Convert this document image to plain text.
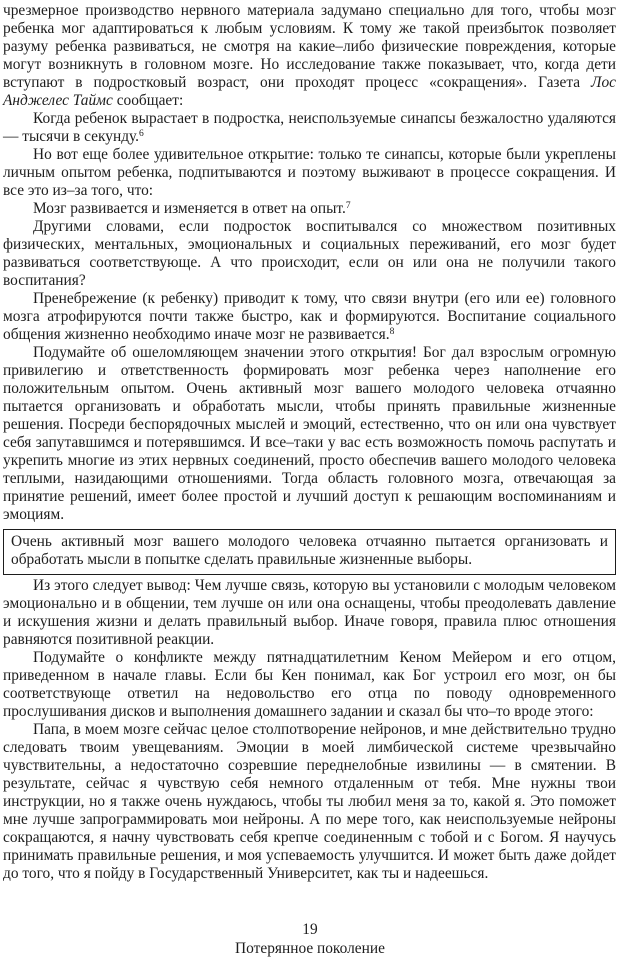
чрезмерное производство нервного материала задумано специально для того, чтобы мозг ребенка мог адаптироваться к любым условиям. К тому же такой преизбыток позволяет разуму ребенка развиваться, не смотря на какие–либо физические повреждения, которые могут возникнуть в головном мозге. Но исследование также показывает, что, когда дети вступают в подростковый возраст, они проходят процесс «сокращения». Газета Лос Анджелес Таймс сообщает:

Когда ребенок вырастает в подростка, неиспользуемые синапсы безжалостно удаляются — тысячи в секунду.$^6$

Но вот еще более удивительное открытие: только те синапсы, которые были укреплены личным опытом ребенка, подпитываются и поэтому выживают в процессе сокращения. И все это из–за того, что:

Мозг развивается и изменяется в ответ на опыт.$^7$

Другими словами, если подросток воспитывался со множеством позитивных физических, ментальных, эмоциональных и социальных переживаний, его мозг будет развиваться соответствующе. А что происходит, если он или она не получили такого воспитания?

Пренебрежение (к ребенку) приводит к тому, что связи внутри (его или ее) головного мозга атрофируются почти также быстро, как и формируются. Воспитание социального общения жизненно необходимо иначе мозг не развивается.$^8$

Подумайте об ошеломляющем значении этого открытия! Бог дал взрослым огромную привилегию и ответственность формировать мозг ребенка через наполнение его положительным опытом. Очень активный мозг вашего молодого человека отчаянно пытается организовать и обработать мысли, чтобы принять правильные жизненные решения. Посреди беспорядочных мыслей и эмоций, естественно, что он или она чувствует себя запутавшимся и потерявшимся. И все–таки у вас есть возможность помочь распутать и укрепить многие из этих нервных соединений, просто обеспечив вашего молодого человека теплыми, назидающими отношениями. Тогда область головного мозга, отвечающая за принятие решений, имеет более простой и лучший доступ к решающим воспоминаниям и эмоциям.

Очень активный мозг вашего молодого человека отчаянно пытается организовать и обработать мысли в попытке сделать правильные жизненные выборы.

Из этого следует вывод: Чем лучше связь, которую вы установили с молодым человеком эмоционально и в общении, тем лучше он или она оснащены, чтобы преодолевать давление и искушения жизни и делать правильный выбор. Иначе говоря, правила плюс отношения равняются позитивной реакции.

Подумайте о конфликте между пятнадцатилетним Кеном Мейером и его отцом, приведенном в начале главы. Если бы Кен понимал, как Бог устроил его мозг, он бы соответствующе ответил на недовольство его отца по поводу одновременного прослушивания дисков и выполнения домашнего задании и сказал бы что–то вроде этого:

Папа, в моем мозге сейчас целое столпотворение нейронов, и мне действительно трудно следовать твоим увещеваниям. Эмоции в моей лимбической системе чрезвычайно чувствительны, а недостаточно созревшие переднелобные извилины — в смятении. В результате, сейчас я чувствую себя немного отдаленным от тебя. Мне нужны твои инструкции, но я также очень нуждаюсь, чтобы ты любил меня за то, какой я. Это поможет мне лучше запрограммировать мои нейроны. А по мере того, как неиспользуемые нейроны сокращаются, я начну чувствовать себя крепче соединенным с тобой и с Богом. Я научусь принимать правильные решения, и моя успеваемость улучшится. И может быть даже дойдет до того, что я пойду в Государственный Университет, как ты и надеешься.

19
Потерянное поколение
